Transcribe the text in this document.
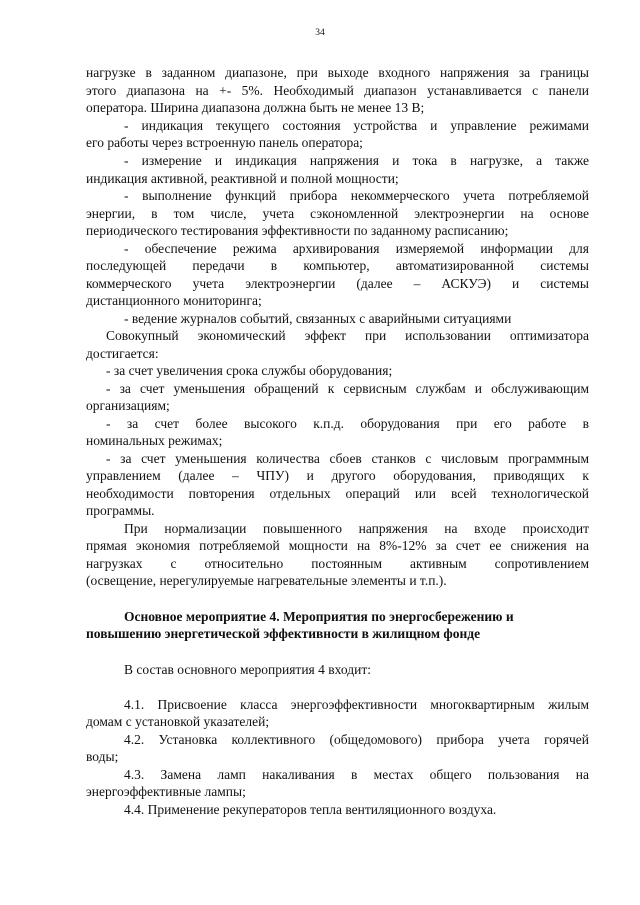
34

нагрузке в заданном диапазоне, при выходе входного напряжения за границы

этого диапазона на +- 5%. Необходимый диапазон устанавливается с панели

оператора. Ширина диапазона должна быть не менее 13 В;

- индикация текущего состояния устройства и управление режимами

его работы через встроенную панель оператора;

- измерение и индикация напряжения и тока в нагрузке, а также

индикация активной, реактивной и полной мощности;

- выполнение функций прибора некоммерческого учета потребляемой

энергии, в том числе, учета сэкономленной электроэнергии на основе

периодического тестирования эффективности по заданному расписанию;

- обеспечение режима архивирования измеряемой информации для

последующей передачи в компьютер, автоматизированной системы

коммерческого учета электроэнергии (далее – АСКУЭ) и системы

дистанционного мониторинга;

- ведение журналов событий, связанных с аварийными ситуациями

Совокупный экономический эффект при использовании оптимизатора

достигается:

- за счет увеличения срока службы оборудования;

- за счет уменьшения обращений к сервисным службам и обслуживающим

организациям;

- за счет более высокого к.п.д. оборудования при его работе в

номинальных режимах;

- за счет уменьшения количества сбоев станков с числовым программным

управлением (далее – ЧПУ) и другого оборудования, приводящих к

необходимости повторения отдельных операций или всей технологической

программы.

При нормализации повышенного напряжения на входе происходит

прямая экономия потребляемой мощности на 8%-12% за счет ее снижения на

нагрузках с относительно постоянным активным сопротивлением

(освещение, нерегулируемые нагревательные элементы и т.п.).

Основное мероприятие 4. Мероприятия по энергосбережению и

повышению энергетической эффективности в жилищном фонде

В состав основного мероприятия 4 входит:

4.1. Присвоение класса энергоэффективности многоквартирным жилым

домам с установкой указателей;

4.2. Установка коллективного (общедомового) прибора учета горячей

воды;

4.3. Замена ламп накаливания в местах общего пользования на

энергоэффективные лампы;

4.4. Применение рекуператоров тепла вентиляционного воздуха.
